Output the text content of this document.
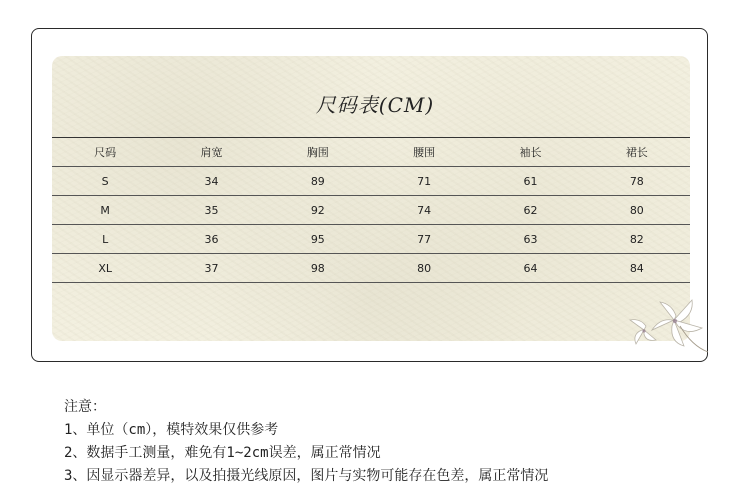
尺码表(CM)
尺码	肩宽	胸围	腰围	袖长	裙长
S	34	89	71	61	78
M	35	92	74	62	80
L	36	95	77	63	82
XL	37	98	80	64	84
注意：
1、单位（cm），模特效果仅供参考
2、数据手工测量，难免有1~2cm误差，属正常情况
3、因显示器差异，以及拍摄光线原因，图片与实物可能存在色差，属正常情况
